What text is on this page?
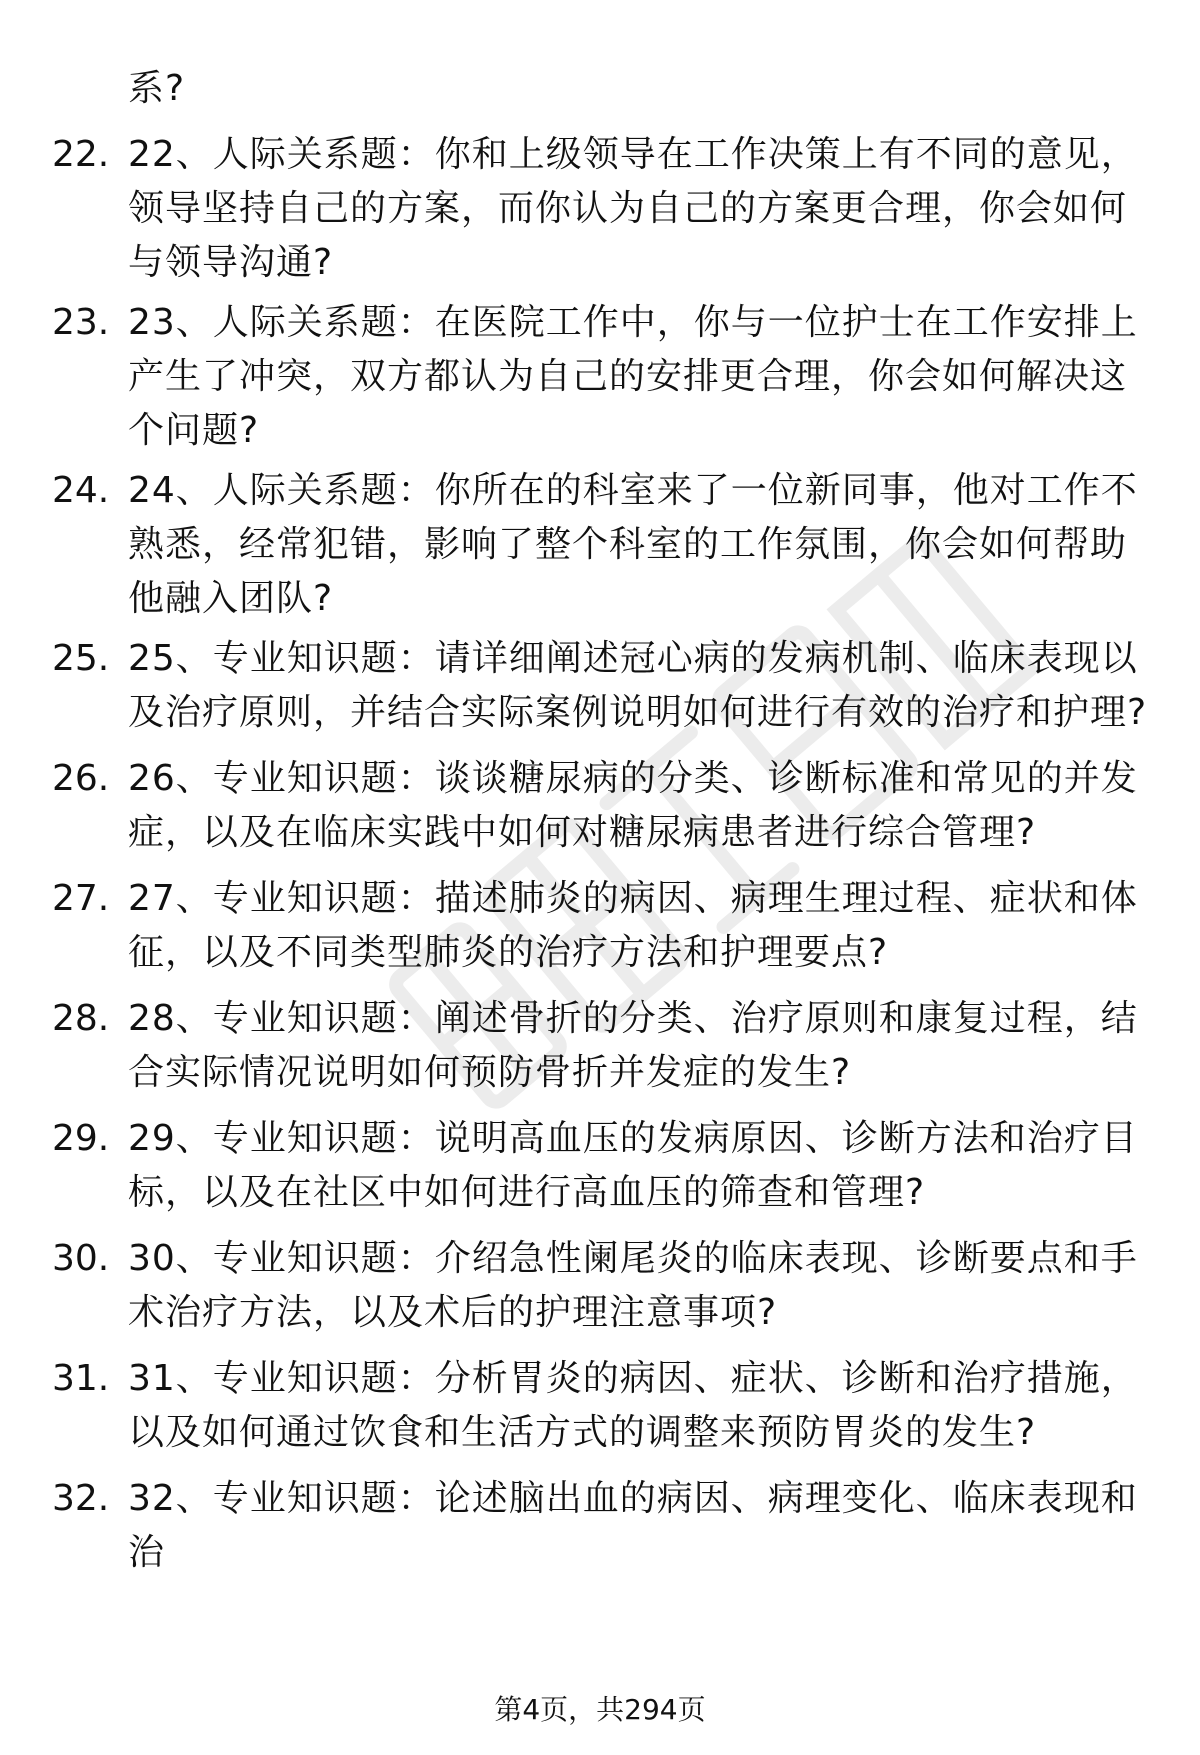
系?
22. 22、人际关系题：你和上级领导在工作决策上有不同的意见，领导坚持自己的方案，而你认为自己的方案更合理，你会如何与领导沟通?
23. 23、人际关系题：在医院工作中，你与一位护士在工作安排上产生了冲突，双方都认为自己的安排更合理，你会如何解决这个问题?
24. 24、人际关系题：你所在的科室来了一位新同事，他对工作不熟悉，经常犯错，影响了整个科室的工作氛围，你会如何帮助他融入团队?
25. 25、专业知识题：请详细阐述冠心病的发病机制、临床表现以及治疗原则，并结合实际案例说明如何进行有效的治疗和护理?
26. 26、专业知识题：谈谈糖尿病的分类、诊断标准和常见的并发症，以及在临床实践中如何对糖尿病患者进行综合管理?
27. 27、专业知识题：描述肺炎的病因、病理生理过程、症状和体征，以及不同类型肺炎的治疗方法和护理要点?
28. 28、专业知识题：阐述骨折的分类、治疗原则和康复过程，结合实际情况说明如何预防骨折并发症的发生?
29. 29、专业知识题：说明高血压的发病原因、诊断方法和治疗目标，以及在社区中如何进行高血压的筛查和管理?
30. 30、专业知识题：介绍急性阑尾炎的临床表现、诊断要点和手术治疗方法，以及术后的护理注意事项?
31. 31、专业知识题：分析胃炎的病因、症状、诊断和治疗措施，以及如何通过饮食和生活方式的调整来预防胃炎的发生?
32. 32、专业知识题：论述脑出血的病因、病理变化、临床表现和治
第4页，共294页
